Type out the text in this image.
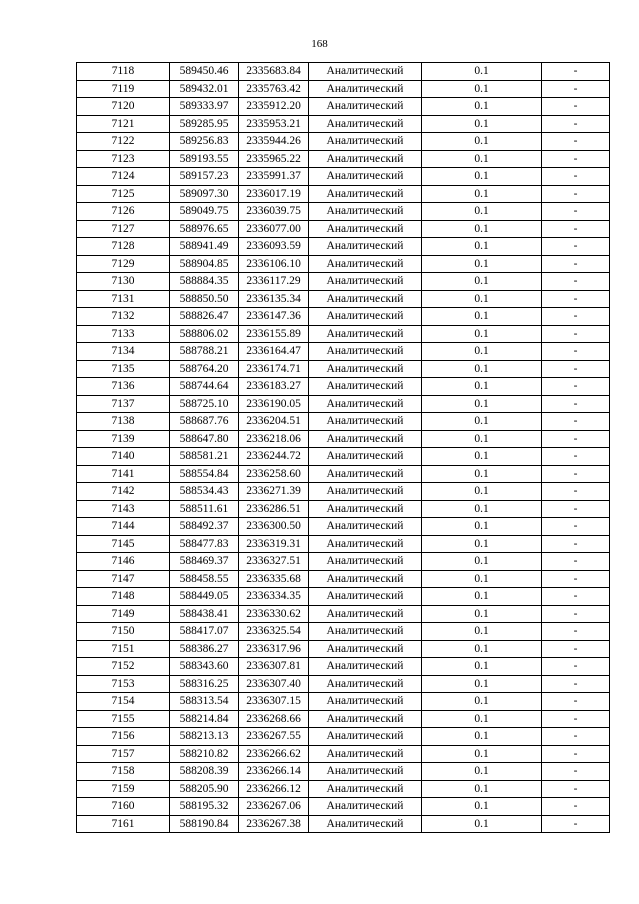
168
7118	589450.46	2335683.84	Аналитический	0.1	-
7119	589432.01	2335763.42	Аналитический	0.1	-
7120	589333.97	2335912.20	Аналитический	0.1	-
7121	589285.95	2335953.21	Аналитический	0.1	-
7122	589256.83	2335944.26	Аналитический	0.1	-
7123	589193.55	2335965.22	Аналитический	0.1	-
7124	589157.23	2335991.37	Аналитический	0.1	-
7125	589097.30	2336017.19	Аналитический	0.1	-
7126	589049.75	2336039.75	Аналитический	0.1	-
7127	588976.65	2336077.00	Аналитический	0.1	-
7128	588941.49	2336093.59	Аналитический	0.1	-
7129	588904.85	2336106.10	Аналитический	0.1	-
7130	588884.35	2336117.29	Аналитический	0.1	-
7131	588850.50	2336135.34	Аналитический	0.1	-
7132	588826.47	2336147.36	Аналитический	0.1	-
7133	588806.02	2336155.89	Аналитический	0.1	-
7134	588788.21	2336164.47	Аналитический	0.1	-
7135	588764.20	2336174.71	Аналитический	0.1	-
7136	588744.64	2336183.27	Аналитический	0.1	-
7137	588725.10	2336190.05	Аналитический	0.1	-
7138	588687.76	2336204.51	Аналитический	0.1	-
7139	588647.80	2336218.06	Аналитический	0.1	-
7140	588581.21	2336244.72	Аналитический	0.1	-
7141	588554.84	2336258.60	Аналитический	0.1	-
7142	588534.43	2336271.39	Аналитический	0.1	-
7143	588511.61	2336286.51	Аналитический	0.1	-
7144	588492.37	2336300.50	Аналитический	0.1	-
7145	588477.83	2336319.31	Аналитический	0.1	-
7146	588469.37	2336327.51	Аналитический	0.1	-
7147	588458.55	2336335.68	Аналитический	0.1	-
7148	588449.05	2336334.35	Аналитический	0.1	-
7149	588438.41	2336330.62	Аналитический	0.1	-
7150	588417.07	2336325.54	Аналитический	0.1	-
7151	588386.27	2336317.96	Аналитический	0.1	-
7152	588343.60	2336307.81	Аналитический	0.1	-
7153	588316.25	2336307.40	Аналитический	0.1	-
7154	588313.54	2336307.15	Аналитический	0.1	-
7155	588214.84	2336268.66	Аналитический	0.1	-
7156	588213.13	2336267.55	Аналитический	0.1	-
7157	588210.82	2336266.62	Аналитический	0.1	-
7158	588208.39	2336266.14	Аналитический	0.1	-
7159	588205.90	2336266.12	Аналитический	0.1	-
7160	588195.32	2336267.06	Аналитический	0.1	-
7161	588190.84	2336267.38	Аналитический	0.1	-
